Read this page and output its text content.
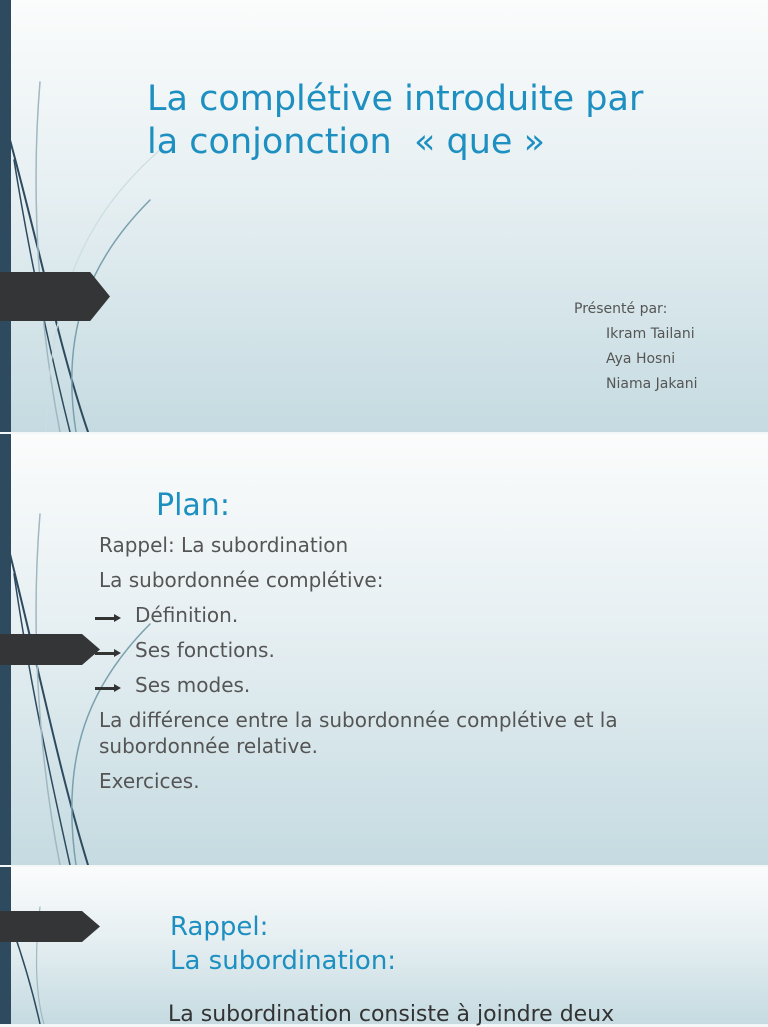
La complétive introduite par
la conjonction  « que »
Présenté par:
Ikram Tailani
Aya Hosni
Niama Jakani
Plan:
Rappel: La subordination
La subordonnée complétive:
Définition.
Ses fonctions.
Ses modes.
La différence entre la subordonnée complétive et la subordonnée relative.
Exercices.
Rappel:
La subordination:
La subordination consiste à joindre deux
